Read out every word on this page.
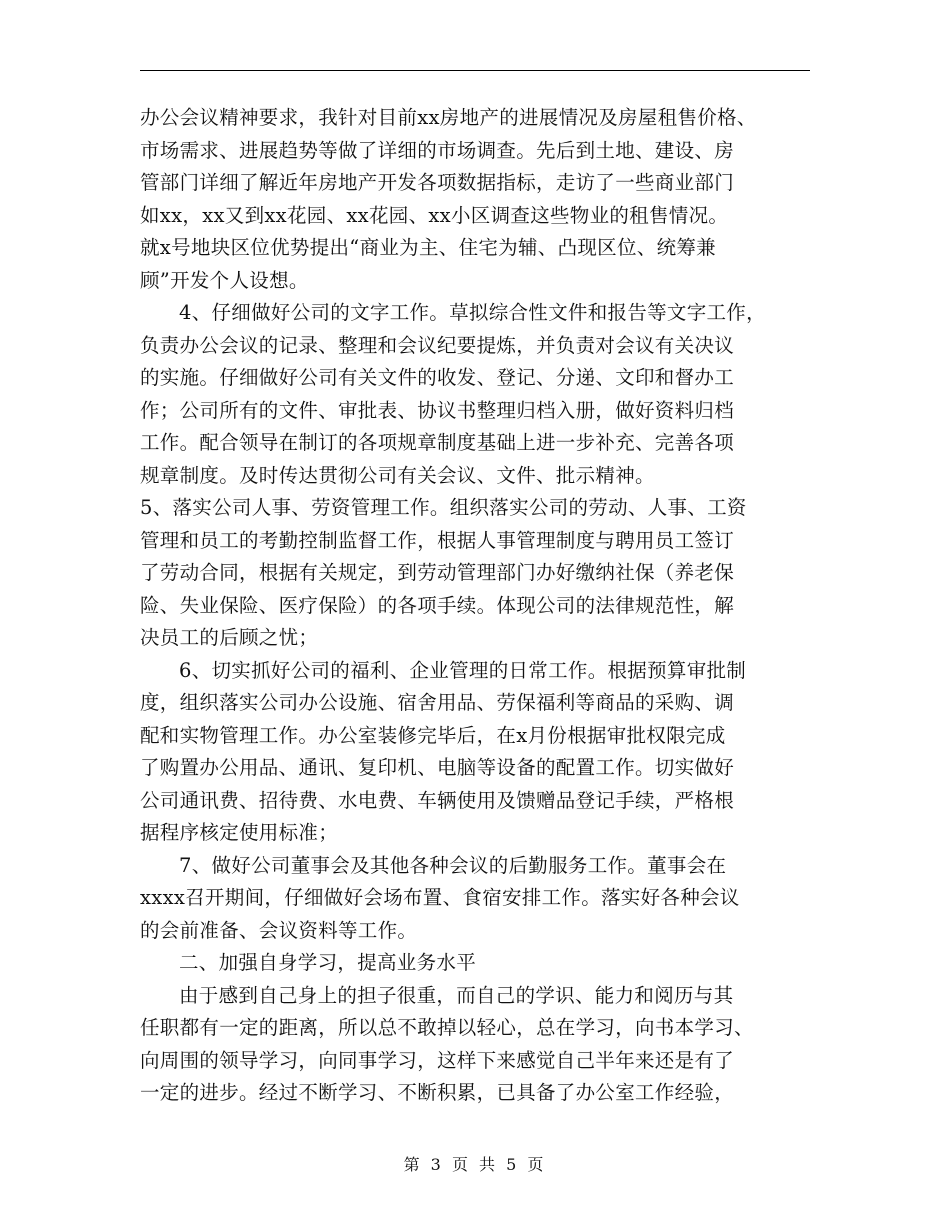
办公会议精神要求，我针对目前xx房地产的进展情况及房屋租售价格、
市场需求、进展趋势等做了详细的市场调查。先后到土地、建设、房
管部门详细了解近年房地产开发各项数据指标，走访了一些商业部门
如xx，xx又到xx花园、xx花园、xx小区调查这些物业的租售情况。
就x号地块区位优势提出“商业为主、住宅为辅、凸现区位、统筹兼
顾”开发个人设想。
4、仔细做好公司的文字工作。草拟综合性文件和报告等文字工作，
负责办公会议的记录、整理和会议纪要提炼，并负责对会议有关决议
的实施。仔细做好公司有关文件的收发、登记、分递、文印和督办工
作；公司所有的文件、审批表、协议书整理归档入册，做好资料归档
工作。配合领导在制订的各项规章制度基础上进一步补充、完善各项
规章制度。及时传达贯彻公司有关会议、文件、批示精神。
5、落实公司人事、劳资管理工作。组织落实公司的劳动、人事、工资
管理和员工的考勤控制监督工作，根据人事管理制度与聘用员工签订
了劳动合同，根据有关规定，到劳动管理部门办好缴纳社保（养老保
险、失业保险、医疗保险）的各项手续。体现公司的法律规范性，解
决员工的后顾之忧；
6、切实抓好公司的福利、企业管理的日常工作。根据预算审批制
度，组织落实公司办公设施、宿舍用品、劳保福利等商品的采购、调
配和实物管理工作。办公室装修完毕后，在x月份根据审批权限完成
了购置办公用品、通讯、复印机、电脑等设备的配置工作。切实做好
公司通讯费、招待费、水电费、车辆使用及馈赠品登记手续，严格根
据程序核定使用标准；
7、做好公司董事会及其他各种会议的后勤服务工作。董事会在
xxxx召开期间，仔细做好会场布置、食宿安排工作。落实好各种会议
的会前准备、会议资料等工作。
二、加强自身学习，提高业务水平
由于感到自己身上的担子很重，而自己的学识、能力和阅历与其
任职都有一定的距离，所以总不敢掉以轻心，总在学习，向书本学习、
向周围的领导学习，向同事学习，这样下来感觉自己半年来还是有了
一定的进步。经过不断学习、不断积累，已具备了办公室工作经验，
第 3 页 共 5 页
